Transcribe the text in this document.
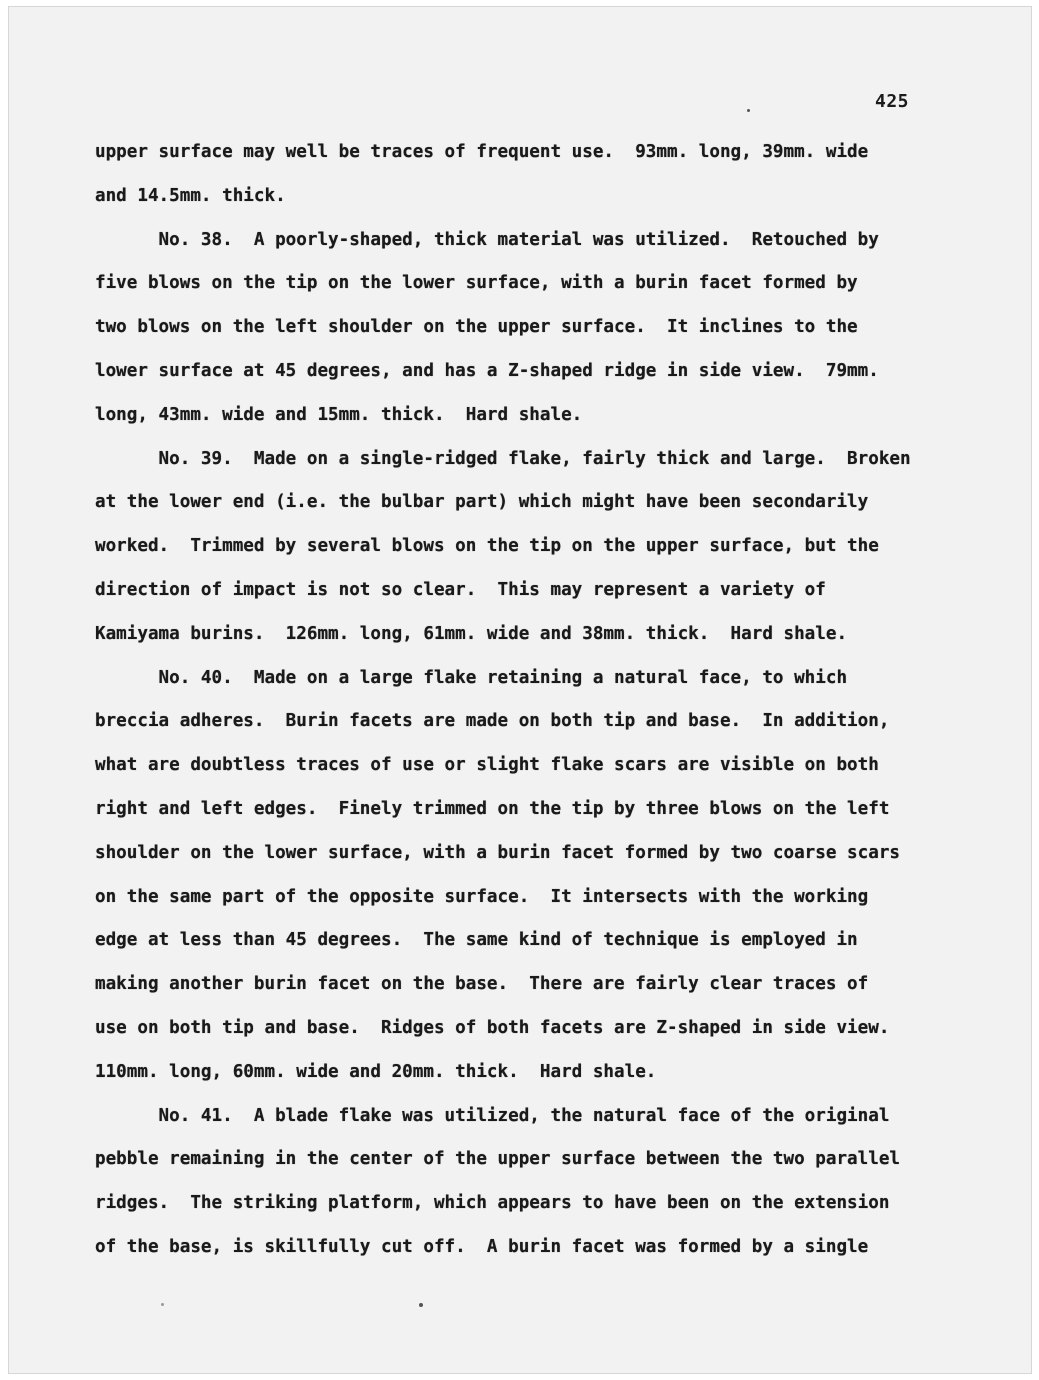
425
upper surface may well be traces of frequent use.  93mm. long, 39mm. wide
and 14.5mm. thick.
No. 38.  A poorly-shaped, thick material was utilized.  Retouched by
five blows on the tip on the lower surface, with a burin facet formed by
two blows on the left shoulder on the upper surface.  It inclines to the
lower surface at 45 degrees, and has a Z-shaped ridge in side view.  79mm.
long, 43mm. wide and 15mm. thick.  Hard shale.
No. 39.  Made on a single-ridged flake, fairly thick and large.  Broken
at the lower end (i.e. the bulbar part) which might have been secondarily
worked.  Trimmed by several blows on the tip on the upper surface, but the
direction of impact is not so clear.  This may represent a variety of
Kamiyama burins.  126mm. long, 61mm. wide and 38mm. thick.  Hard shale.
No. 40.  Made on a large flake retaining a natural face, to which
breccia adheres.  Burin facets are made on both tip and base.  In addition,
what are doubtless traces of use or slight flake scars are visible on both
right and left edges.  Finely trimmed on the tip by three blows on the left
shoulder on the lower surface, with a burin facet formed by two coarse scars
on the same part of the opposite surface.  It intersects with the working
edge at less than 45 degrees.  The same kind of technique is employed in
making another burin facet on the base.  There are fairly clear traces of
use on both tip and base.  Ridges of both facets are Z-shaped in side view.
110mm. long, 60mm. wide and 20mm. thick.  Hard shale.
No. 41.  A blade flake was utilized, the natural face of the original
pebble remaining in the center of the upper surface between the two parallel
ridges.  The striking platform, which appears to have been on the extension
of the base, is skillfully cut off.  A burin facet was formed by a single
